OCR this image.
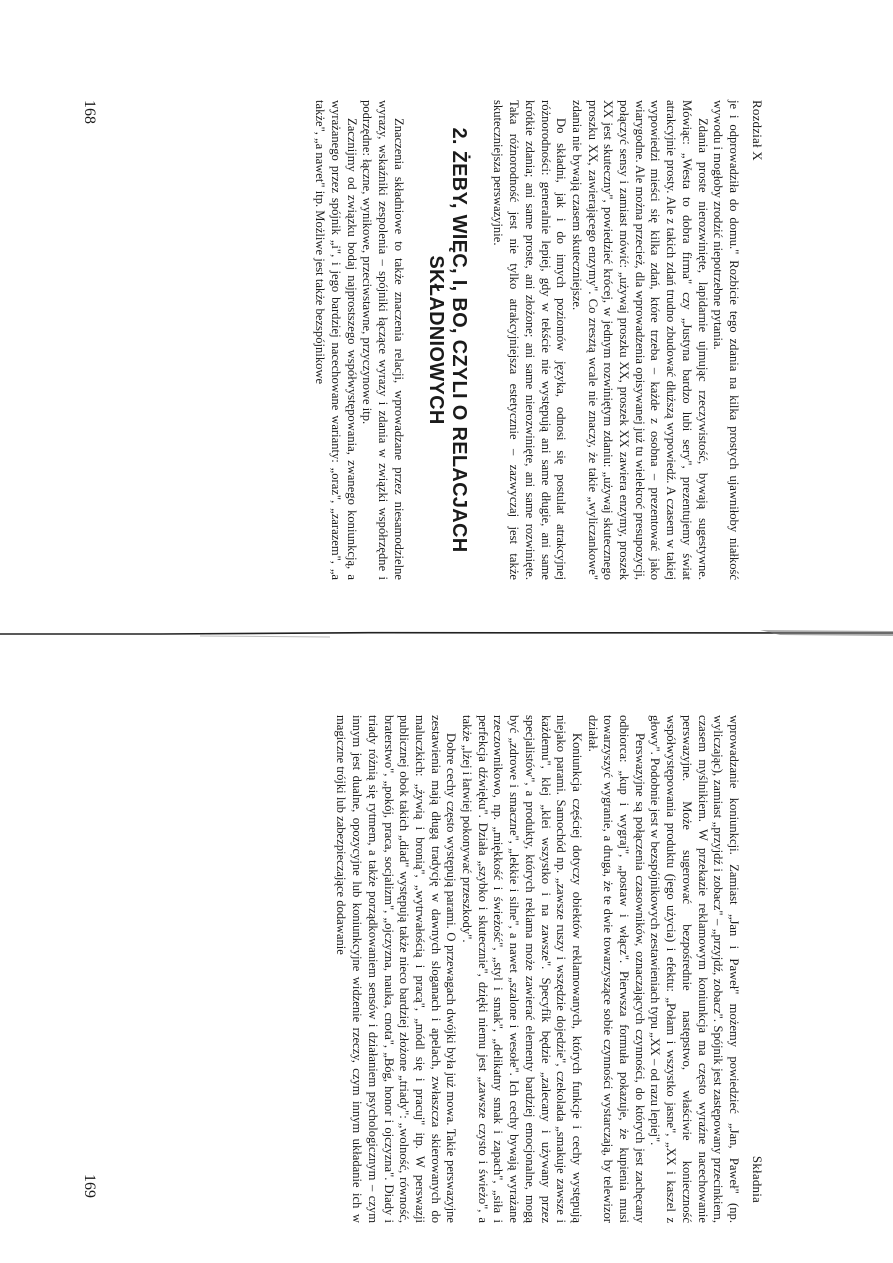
Rozdział X

je i odprowadziła do domu." Rozbicie tego zdania na kilka prostych ujawniłoby niałkość wywodu i mogłoby zrodzić niepotrzebne pytania.

Zdania proste nierozwinięte, lapidarnie ujmując rzeczywistość, bywają sugestywne. Mówiąc: „Westa to dobra firma" czy „Justyna bardzo lubi sery", prezentujemy świat atrakcyjnie prosty. Ale z takich zdań trudno zbudować dłuższą wypowiedź. A czasem w takiej wypowiedzi mieści się kilka zdań, które trzeba – każde z osobna – prezentować jako wiarygodne. Ale można przecież, dla wprowadzenia opisywanej już tu wielekroć presupozycji, połączyć sensy i zamiast mówić: „używaj proszku XX, proszek XX zawiera enzymy, proszek XX jest skuteczny", powiedzieć krócej, w jednym rozwiniętym zdaniu: „używaj skutecznego proszku XX, zawierającego enzymy". Co zresztą wcale nie znaczy, że takie „wyliczankowe" zdania nie bywają czasem skuteczniejsze.

Do składni, jak i do innych poziomów języka, odnosi się postulat atrakcyjnej różnorodności: generalnie lepiej, gdy w tekście nie występują ani same długie, ani same krótkie zdania; ani same proste, ani złożone; ani same nierozwinięte, ani same rozwinięte. Taka różnorodność jest nie tylko atrakcyjniejsza estetycznie – zazwyczaj jest także skuteczniejsza perswazyjnie.

2. ŻEBY, WIĘC, I, BO, CZYLI O RELACJACH SKŁADNIOWYCH

Znaczenia składniowe to także znaczenia relacji, wprowadzane przez niesamodzielne wyrazy, wskaźniki zespolenia – spójniki łączące wyrazy i zdania w związki współrzędne i podrzędne: łączne, wynikowe, przeciwstawne, przyczynowe itp.

Zacznijmy od związku bodaj najprostszego współwystępowania, zwanego koniunkcją, a wyrażanego przez spójnik „i", i jego bardziej nacechowane warianty: „oraz", „zarazem", „a także", „a nawet" itp. Możliwe jest także bezspójnikowe

168
Składnia

wprowadzanie koniunkcji. Zamiast „Jan i Paweł" możemy powiedzieć „Jan, Paweł" (np. wyliczając), zamiast „przyjdź i zobacz" – „przyjdź, zobacz". Spójnik jest zastępowany przecinkiem, czasem myślnikiem. W przekazie reklamowym koniunkcja ma często wyraźne nacechowanie perswazyjne. Może sugerować bezpośrednie następstwo, właściwie konieczność współwystępowania produktu (jego użycia) i efektu: „Połam i wszystko jasne", „XX i kaszel z głowy". Podobnie jest w bezspójnikowych zestawieniach typu „XX – od razu lepiej".

Perswazyjne są połączenia czasowników, oznaczających czynności, do których jest zachęcany odbiorca: „kup i wygraj", „postaw i włącz". Pierwsza formuła pokazuje, że kupienia musi towarzyszyć wygranie, a druga, że te dwie towarzyszące sobie czynności wystarczają, by telewizor działał.

Koniunkcja częściej dotyczy obiektów reklamowanych, których funkcje i cechy występują niejako parami. Samochód np. „zawsze ruszy i wszędzie dojedzie", czekolada „smakuje zawsze i każdemu", klej „klei wszystko i na zawsze". Specyfik będzie „zalecany i używany przez specjalistów", a produkty, których reklama może zawierać elementy bardziej emocjonalne, mogą być „zdrowe i smaczne", „lekkie i silne", a nawet „szalone i wesołe". Ich cechy bywają wyrażane rzeczownikowo, np. „miękkość i świeżość", „styl i smak", „delikatny smak i zapach", „siła i perfekcja dźwięku". Działa „szybko i skutecznie", dzięki niemu jest „zawsze czysto i świeżo", a także „lżej i łatwiej pokonywać przeszkody".

Dobre cechy często występują parami. O przewagach dwójki była już mowa. Takie perswazyjne zestawienia mają długą tradycję w dawnych sloganach i apelach, zwłaszcza skierowanych do maluczkich: „żywią i bronią", „wytrwałością i pracą", „módl się i pracuj" itp. W perswazji publicznej obok takich „diad" występują także nieco bardziej złożone „triady": „wolność, równość, braterstwo", „pokój, praca, socjalizm", „ojczyzna, nauka, cnota", „Bóg, honor i ojczyzna". Diady i triady różnią się rytmem, a także porządkowaniem sensów i działaniem psychologicznym – czym innym jest dualne, opozycyjne lub koniunkcyjne widzenie rzeczy, czym innym układanie ich w magiczne trójki lub zabezpieczające dodawanie

169
